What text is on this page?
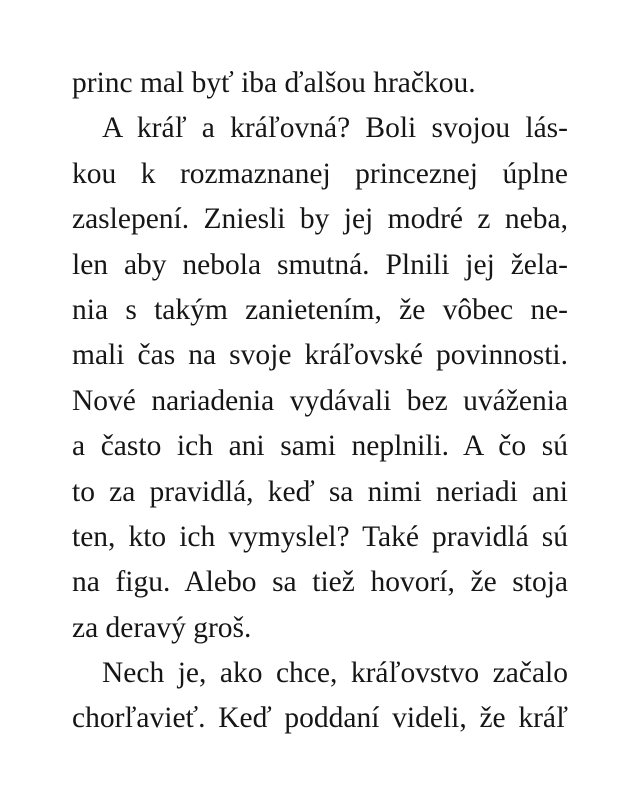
princ mal byť iba ďalšou hračkou.
A kráľ a kráľovná? Boli svojou lás-
kou k rozmaznanej princeznej úplne
zaslepení. Zniesli by jej modré z neba,
len aby nebola smutná. Plnili jej žela-
nia s takým zanietením, že vôbec ne-
mali čas na svoje kráľovské povinnosti.
Nové nariadenia vydávali bez uváženia
a často ich ani sami neplnili. A čo sú
to za pravidlá, keď sa nimi neriadi ani
ten, kto ich vymyslel? Také pravidlá sú
na figu. Alebo sa tiež hovorí, že stoja
za deravý groš.
Nech je, ako chce, kráľovstvo začalo
chorľavieť. Keď poddaní videli, že kráľ
